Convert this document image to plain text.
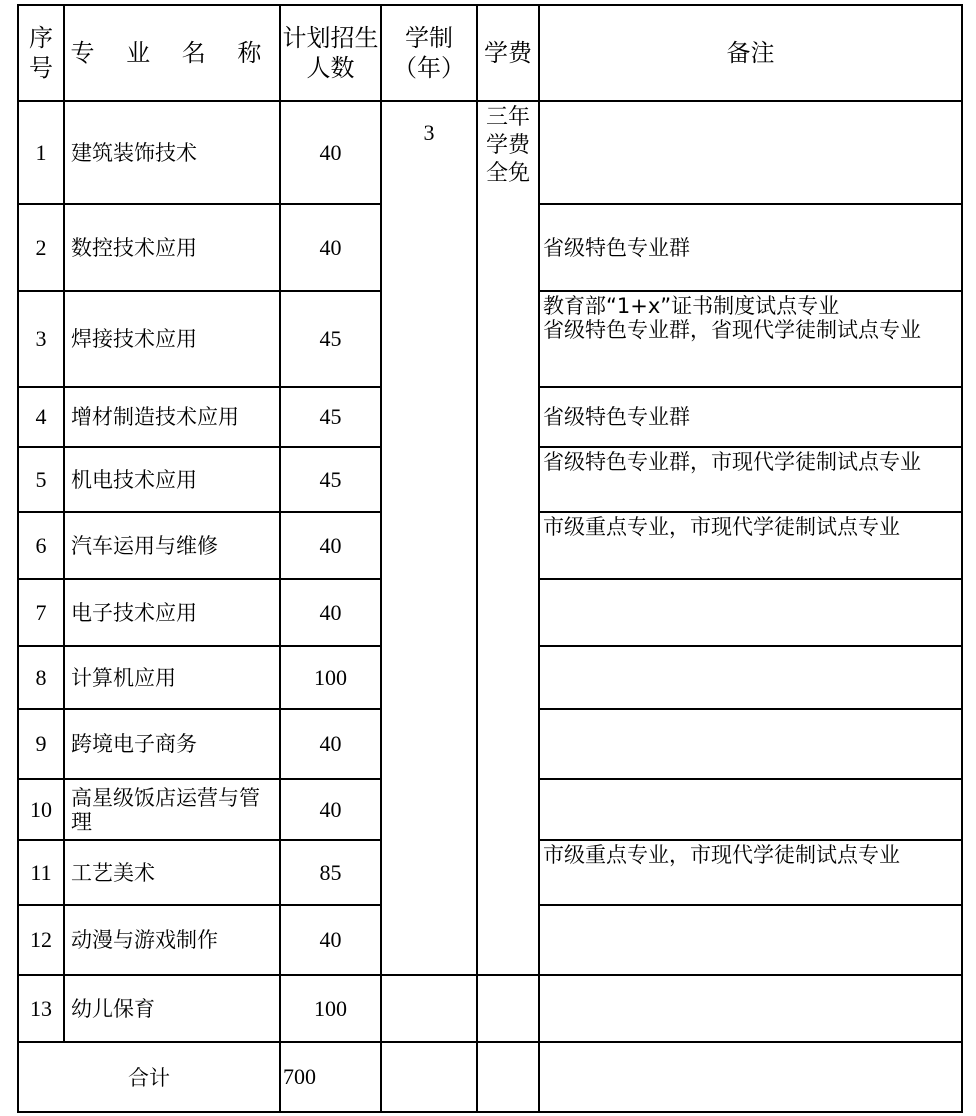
序号	专 业 名 称	计划招生人数	学制（年）	学费	备注
1	建筑装饰技术	40	3	三年学费全免	

2	数控技术应用	40			省级特色专业群
3	焊接技术应用	45			教育部“1+x”证书制度试点专业
省级特色专业群，省现代学徒制试点专业
4	增材制造技术应用	45			省级特色专业群
5	机电技术应用	45			省级特色专业群，市现代学徒制试点专业
6	汽车运用与维修	40			市级重点专业，市现代学徒制试点专业
7	电子技术应用	40			
8	计算机应用	100			
9	跨境电子商务	40			
10	高星级饭店运营与管理	40			
11	工艺美术	85			市级重点专业，市现代学徒制试点专业
12	动漫与游戏制作	40			
13	幼儿保育	100			
合计		700			
